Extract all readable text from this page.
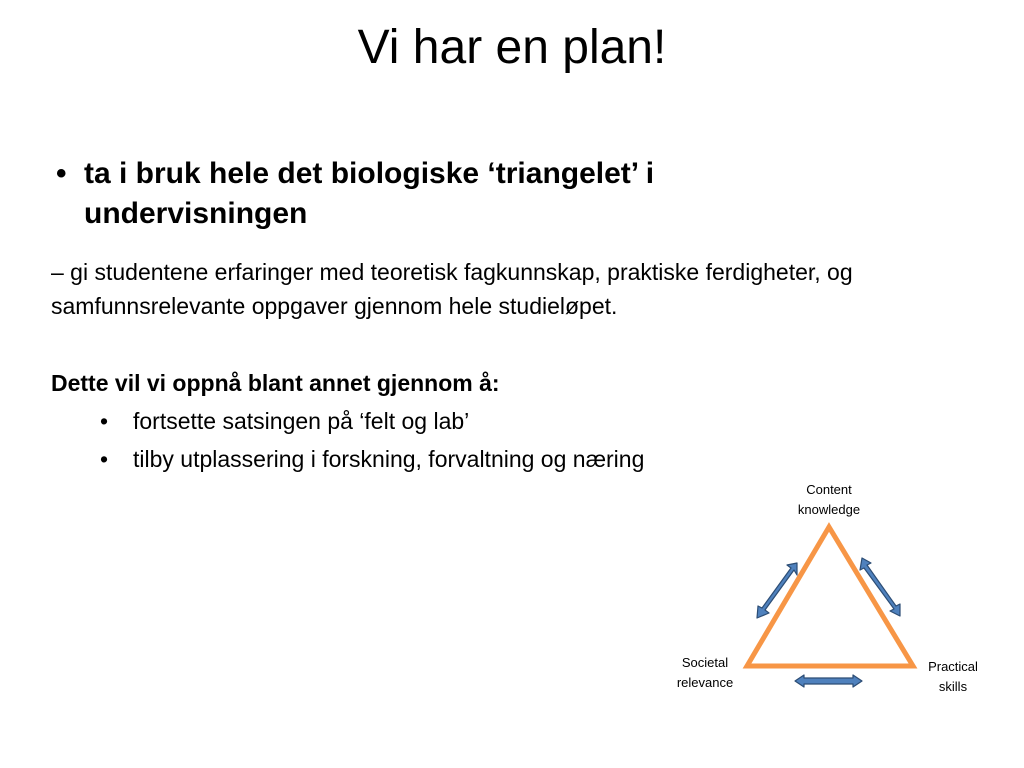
Vi har en plan!
• ta i bruk hele det biologiske ‘triangelet’ i undervisningen
– gi studentene erfaringer med teoretisk fagkunnskap, praktiske ferdigheter, og samfunnsrelevante oppgaver gjennom hele studieløpet.
Dette vil vi oppnå blant annet gjennom å:
•	fortsette satsingen på ‘felt og lab’
•	tilby utplassering i forskning, forvaltning og næring
Content
knowledge
Societal
relevance
Practical
skills
